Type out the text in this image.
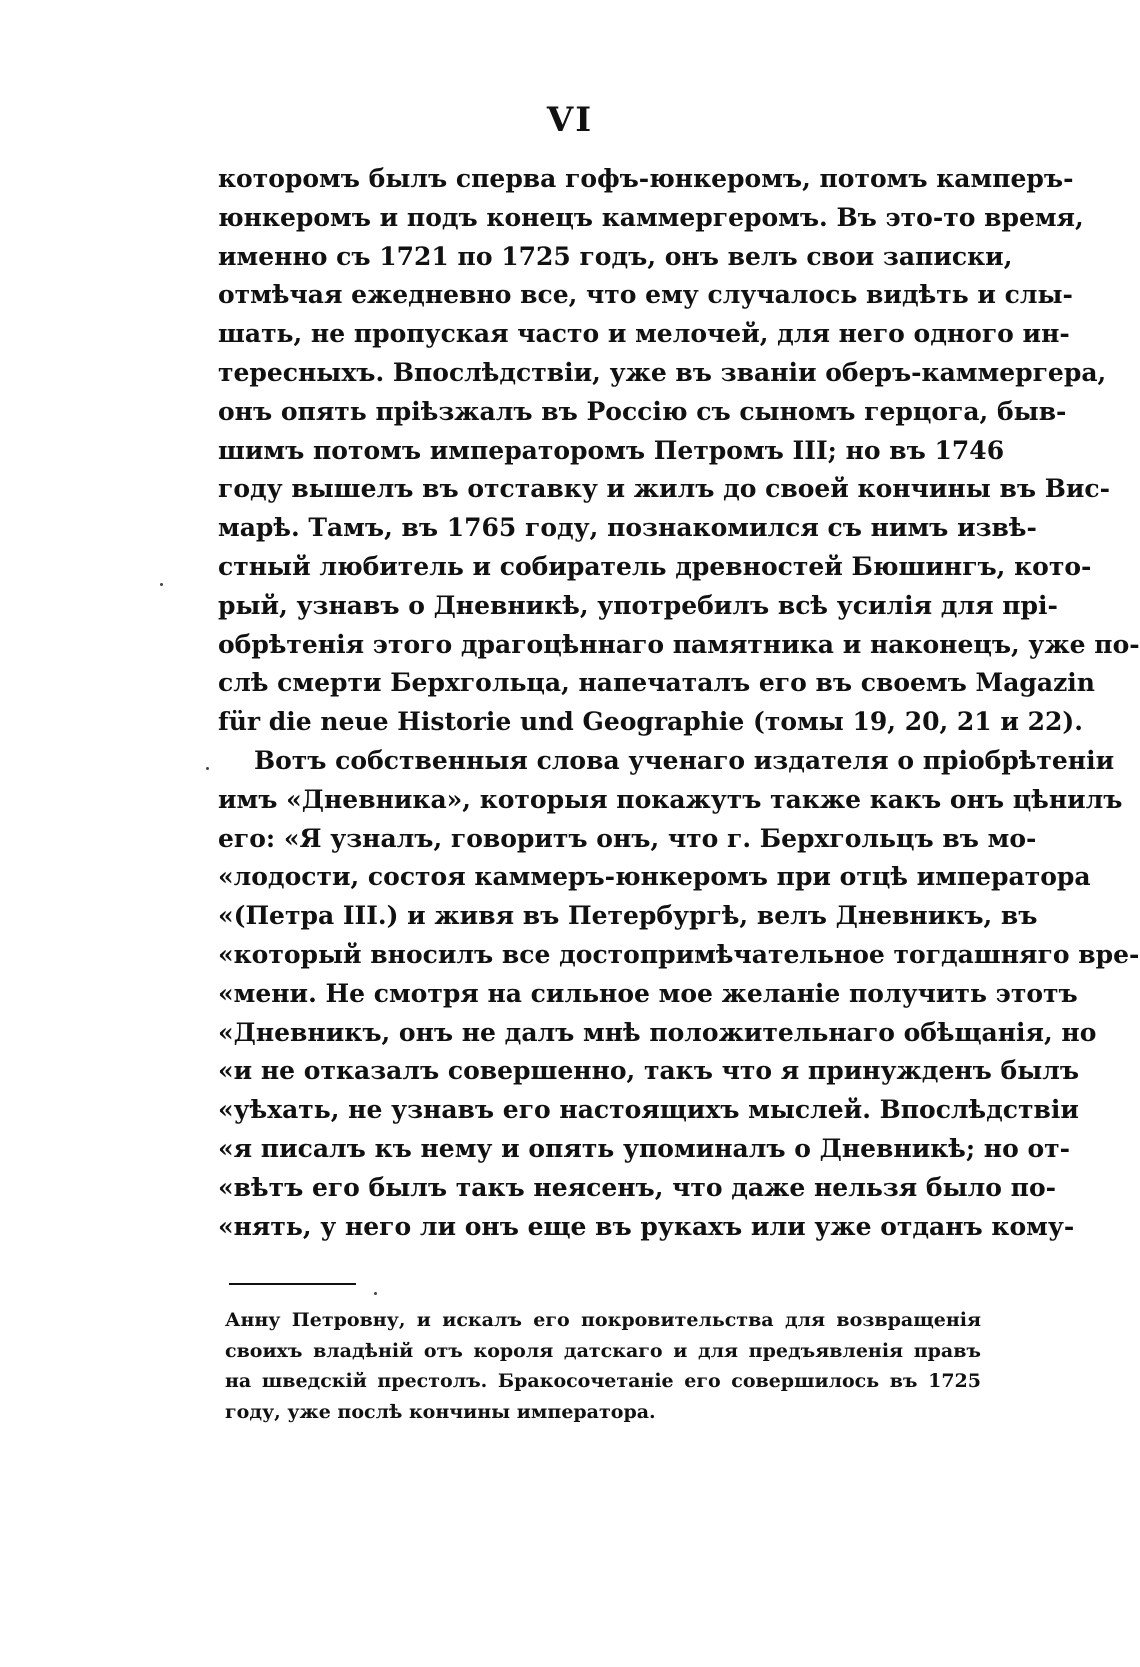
VI
которомъ былъ сперва гофъ-юнкеромъ, потомъ камперъ-
юнкеромъ и подъ конецъ каммергеромъ. Въ это-то время,
именно съ 1721 по 1725 годъ, онъ велъ свои записки,
отмѣчая ежедневно все, что ему случалось видѣть и слы-
шать, не пропуская часто и мелочей, для него одного ин-
тересныхъ. Впослѣдствіи, уже въ званіи оберъ-каммергера,
онъ опять пріѣзжалъ въ Россію съ сыномъ герцога, быв-
шимъ потомъ императоромъ Петромъ III; но въ 1746
году вышелъ въ отставку и жилъ до своей кончины въ Вис-
марѣ. Тамъ, въ 1765 году, познакомился съ нимъ извѣ-
стный любитель и собиратель древностей Бюшингъ, кото-
рый, узнавъ о Дневникѣ, употребилъ всѣ усилія для прі-
обрѣтенія этого драгоцѣннаго памятника и наконецъ, уже по-
слѣ смерти Берхгольца, напечаталъ его въ своемъ Magazin
für die neue Historie und Geographie (томы 19, 20, 21 и 22).
Вотъ собственныя слова ученаго издателя о пріобрѣтеніи
имъ «Дневника», которыя покажутъ также какъ онъ цѣнилъ
его: «Я узналъ, говоритъ онъ, что г. Берхгольцъ въ мо-
«лодости, состоя каммеръ-юнкеромъ при отцѣ императора
«(Петра III.) и живя въ Петербургѣ, велъ Дневникъ, въ
«который вносилъ все достопримѣчательное тогдашняго вре-
«мени. Не смотря на сильное мое желаніе получить этотъ
«Дневникъ, онъ не далъ мнѣ положительнаго обѣщанія, но
«и не отказалъ совершенно, такъ что я принужденъ былъ
«уѣхать, не узнавъ его настоящихъ мыслей. Впослѣдствіи
«я писалъ къ нему и опять упоминалъ о Дневникѣ; но от-
«вѣтъ его былъ такъ неясенъ, что даже нельзя было по-
«нять, у него ли онъ еще въ рукахъ или уже отданъ кому-
Анну Петровну, и искалъ его покровительства для возвращенія
своихъ владѣній отъ короля датскаго и для предъявленія правъ
на шведскій престолъ. Бракосочетаніе его совершилось въ 1725
году, уже послѣ кончины императора.
